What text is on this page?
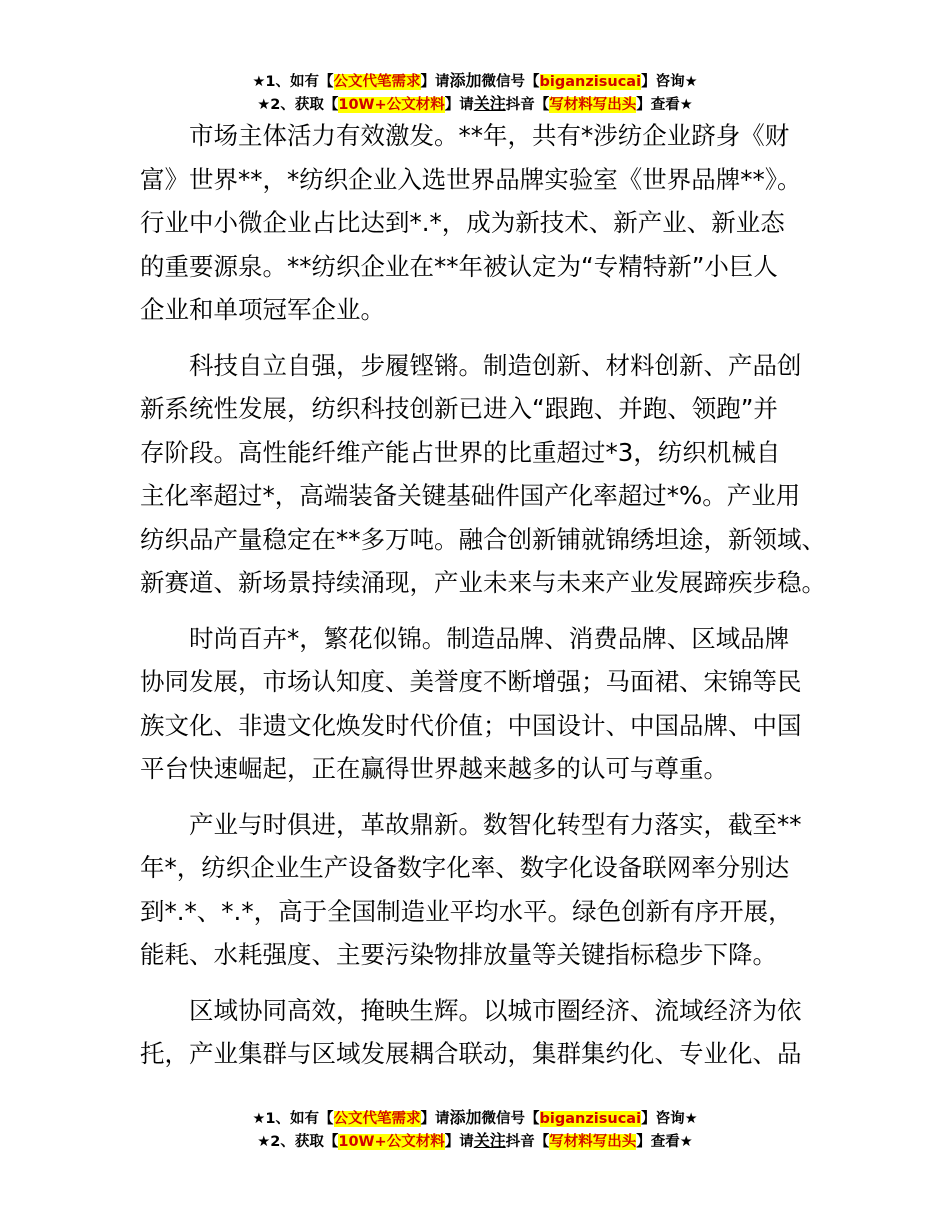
★1、如有【公文代笔需求】请添加微信号【biganzisucai】咨询★
★2、获取【10W+公文材料】请关注抖音【写材料写出头】查看★
市场主体活力有效激发。**年，共有*涉纺企业跻身《财
富》世界**，*纺织企业入选世界品牌实验室《世界品牌**》。
行业中小微企业占比达到*.*，成为新技术、新产业、新业态
的重要源泉。**纺织企业在**年被认定为“专精特新”小巨人
企业和单项冠军企业。
科技自立自强，步履铿锵。制造创新、材料创新、产品创
新系统性发展，纺织科技创新已进入“跟跑、并跑、领跑”并
存阶段。高性能纤维产能占世界的比重超过*3，纺织机械自
主化率超过*，高端装备关键基础件国产化率超过*%。产业用
纺织品产量稳定在**多万吨。融合创新铺就锦绣坦途，新领域、
新赛道、新场景持续涌现，产业未来与未来产业发展蹄疾步稳。
时尚百卉*，繁花似锦。制造品牌、消费品牌、区域品牌
协同发展，市场认知度、美誉度不断增强；马面裙、宋锦等民
族文化、非遗文化焕发时代价值；中国设计、中国品牌、中国
平台快速崛起，正在赢得世界越来越多的认可与尊重。
产业与时俱进，革故鼎新。数智化转型有力落实，截至**
年*，纺织企业生产设备数字化率、数字化设备联网率分别达
到*.*、*.*，高于全国制造业平均水平。绿色创新有序开展，
能耗、水耗强度、主要污染物排放量等关键指标稳步下降。
区域协同高效，掩映生辉。以城市圈经济、流域经济为依
托，产业集群与区域发展耦合联动，集群集约化、专业化、品
★1、如有【公文代笔需求】请添加微信号【biganzisucai】咨询★
★2、获取【10W+公文材料】请关注抖音【写材料写出头】查看★
